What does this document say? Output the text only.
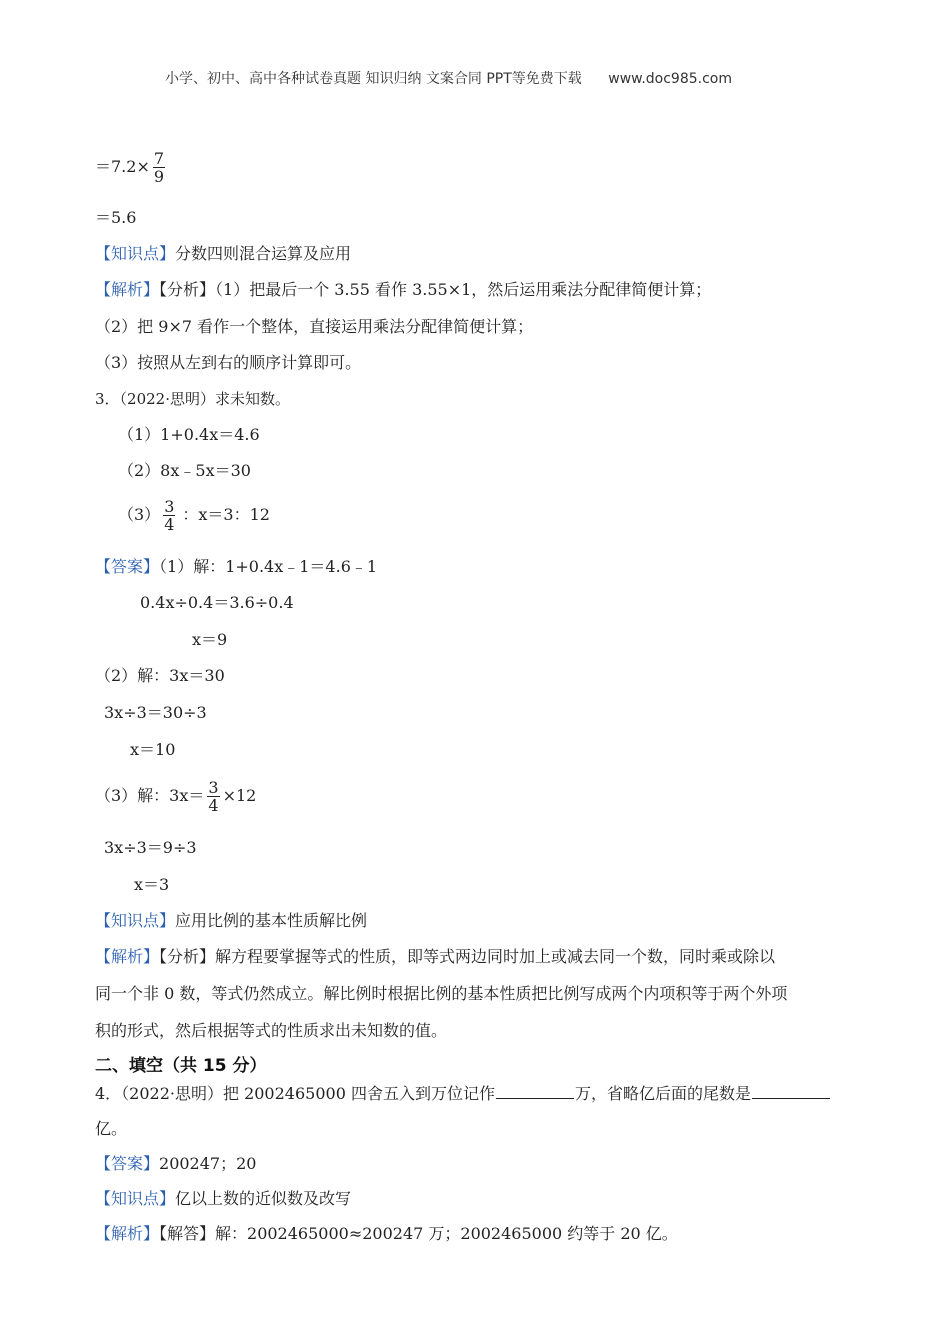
小学、初中、高中各种试卷真题 知识归纳 文案合同 PPT等免费下载 www.doc985.com
$=7.2\times \frac{7}{9}$
＝5.6
【知识点】分数四则混合运算及应用
【解析】【分析】（1）把最后一个 3.55 看作 3.55×1，然后运用乘法分配律简便计算；
（2）把 9×7 看作一个整体，直接运用乘法分配律简便计算；
（3）按照从左到右的顺序计算即可。
3．（2022·思明）求未知数。
（1）1+0.4x＝4.6
（2）8x﹣5x＝30
$(3) \frac{3}{4}$ ：x＝3：12
【答案】（1）解：1+0.4x﹣1＝4.6﹣1
0.4x÷0.4＝3.6÷0.4
x＝9
（2）解：3x＝30
3x÷3＝30÷3
x＝10
（3）解：$3x= \frac{3}{4} \times 12$
3x÷3＝9÷3
x＝3
【知识点】应用比例的基本性质解比例
【解析】【分析】解方程要掌握等式的性质，即等式两边同时加上或减去同一个数，同时乘或除以
同一个非 0 数，等式仍然成立。解比例时根据比例的基本性质把比例写成两个内项积等于两个外项
积的形式，然后根据等式的性质求出未知数的值。
二、填空（共 15 分）
4．（2022·思明）把 2002465000 四舍五入到万位记作	万，省略亿后面的尾数是
亿。
【答案】200247；20
【知识点】亿以上数的近似数及改写
【解析】【解答】解：2002465000≈200247 万；2002465000 约等于 20 亿。
